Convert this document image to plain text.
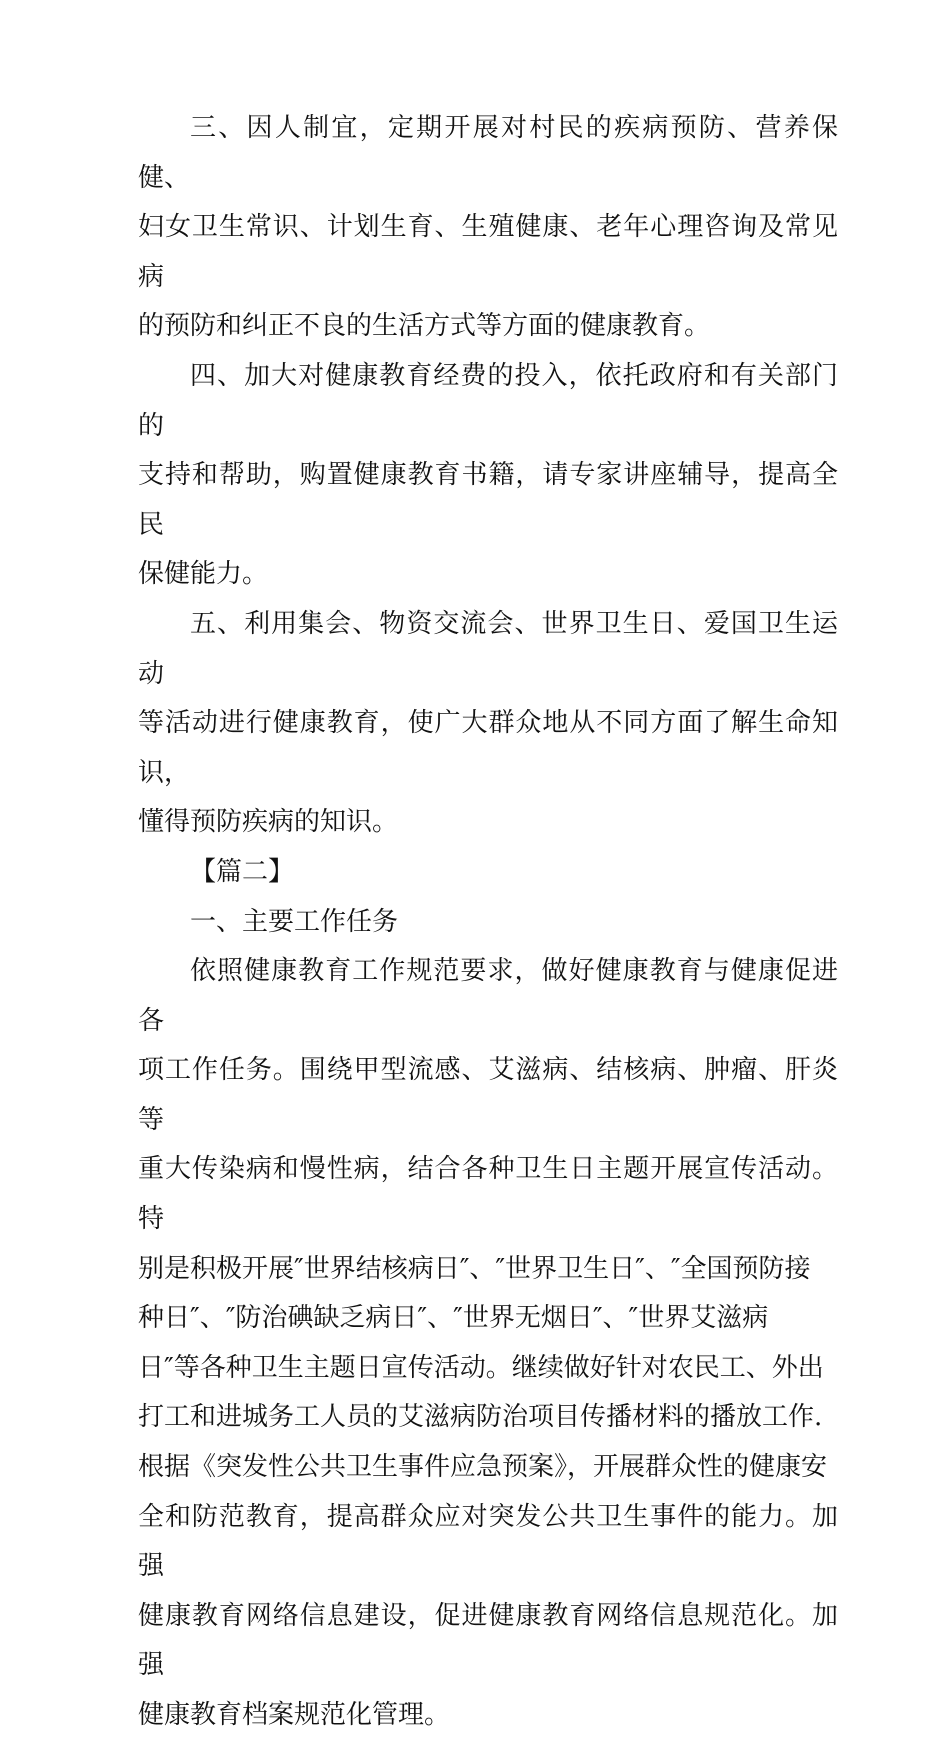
三、因人制宜，定期开展对村民的疾病预防、营养保健、
妇女卫生常识、计划生育、生殖健康、老年心理咨询及常见病
的预防和纠正不良的生活方式等方面的健康教育。

四、加大对健康教育经费的投入，依托政府和有关部门的
支持和帮助，购置健康教育书籍，请专家讲座辅导，提高全民
保健能力。

五、利用集会、物资交流会、世界卫生日、爱国卫生运动
等活动进行健康教育，使广大群众地从不同方面了解生命知识，
懂得预防疾病的知识。

【篇二】

一、主要工作任务

依照健康教育工作规范要求，做好健康教育与健康促进各
项工作任务。围绕甲型流感、艾滋病、结核病、肿瘤、肝炎等
重大传染病和慢性病，结合各种卫生日主题开展宣传活动。特
别是积极开展″世界结核病日″、″世界卫生日″、″全国预防接
种日″、″防治碘缺乏病日″、″世界无烟日″、″世界艾滋病
日″等各种卫生主题日宣传活动。继续做好针对农民工、外出
打工和进城务工人员的艾滋病防治项目传播材料的播放工作.
根据《突发性公共卫生事件应急预案》，开展群众性的健康安
全和防范教育，提高群众应对突发公共卫生事件的能力。加强
健康教育网络信息建设，促进健康教育网络信息规范化。加强
健康教育档案规范化管理。
